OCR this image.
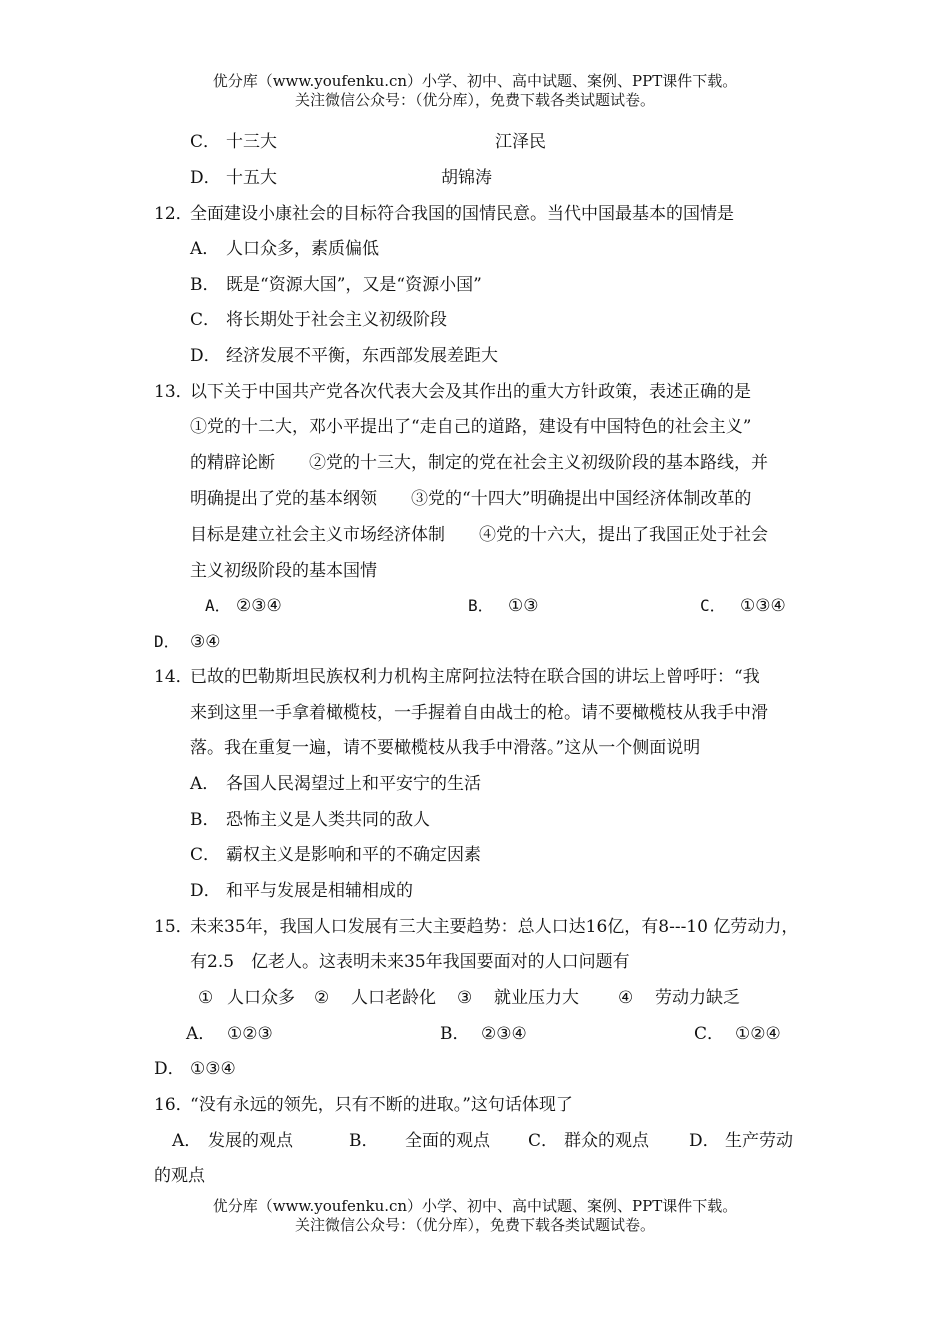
优分库（www.youfenku.cn）小学、初中、高中试题、案例、PPT课件下载。
关注微信公众号：（优分库），免费下载各类试题试卷。
C． 十三大	江泽民
D． 十五大	胡锦涛
12．
全面建设小康社会的目标符合我国的国情民意。当代中国最基本的国情是
A． 人口众多，素质偏低
B． 既是“资源大国”，又是“资源小国”
C． 将长期处于社会主义初级阶段
D． 经济发展不平衡，东西部发展差距大
13．
以下关于中国共产党各次代表大会及其作出的重大方针政策，表述正确的是
①党的十二大，邓小平提出了“走自己的道路，建设有中国特色的社会主义”
的精辟论断　　②党的十三大，制定的党在社会主义初级阶段的基本路线，并
明确提出了党的基本纲领　　③党的“十四大”明确提出中国经济体制改革的
目标是建立社会主义市场经济体制　　④党的十六大，提出了我国正处于社会
主义初级阶段的基本国情
A． ②③④	B． ①③	C． ①③④
D． ③④
14．
已故的巴勒斯坦民族权利力机构主席阿拉法特在联合国的讲坛上曾呼吁：“我
来到这里一手拿着橄榄枝，一手握着自由战士的枪。请不要橄榄枝从我手中滑
落。我在重复一遍，请不要橄榄枝从我手中滑落。”这从一个侧面说明
A． 各国人民渴望过上和平安宁的生活
B． 恐怖主义是人类共同的敌人
C． 霸权主义是影响和平的不确定因素
D． 和平与发展是相辅相成的
15．
未来35年，我国人口发展有三大主要趋势：总人口达16亿，有8---10 亿劳动力，
有2.5　亿老人。这表明未来35年我国要面对的人口问题有
① 人口众多 ② 人口老龄化 ③ 就业压力大 ④ 劳动力缺乏
A． ①②③	B． ②③④	C． ①②④
D． ①③④
16．
“没有永远的领先，只有不断的进取。”这句话体现了
A． 发展的观点	B． 全面的观点 C． 群众的观点 D． 生产劳动
的观点
优分库（www.youfenku.cn）小学、初中、高中试题、案例、PPT课件下载。
关注微信公众号：（优分库），免费下载各类试题试卷。
